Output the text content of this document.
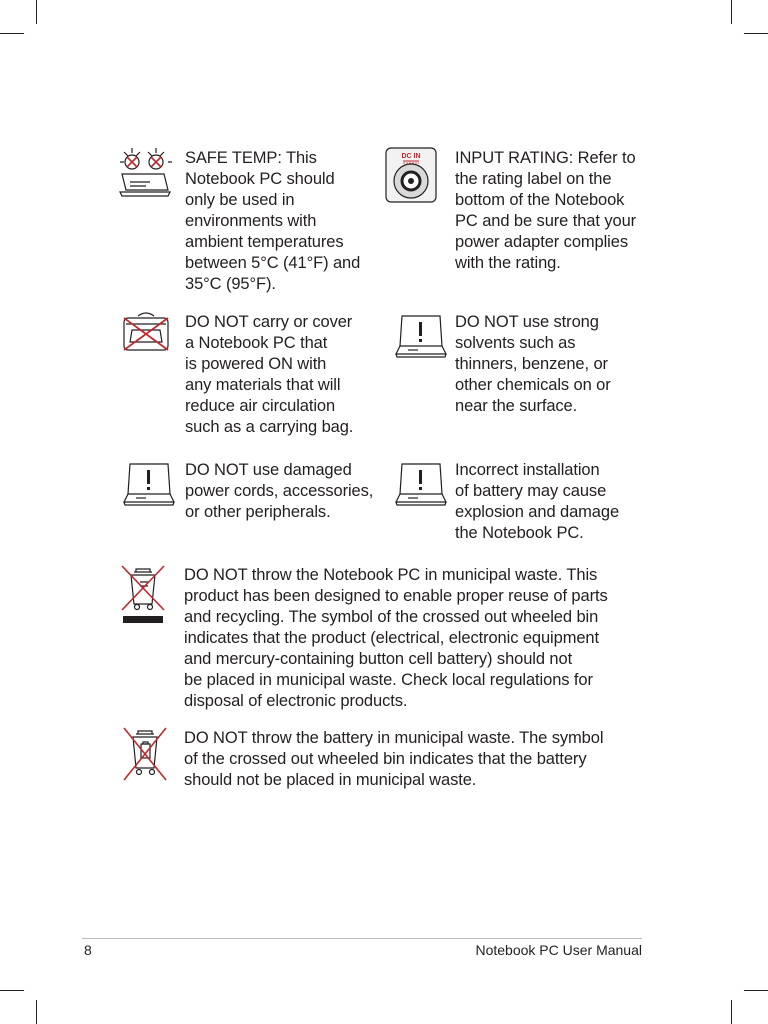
SAFE TEMP: This
Notebook PC should
only be used in
environments with
ambient temperatures
between 5°C (41°F) and
35°C (95°F).

DC IN INPUT RATING: Refer to
the rating label on the
bottom of the Notebook
PC and be sure that your
power adapter complies
with the rating.

DO NOT carry or cover
a Notebook PC that
is powered ON with
any materials that will
reduce air circulation
such as a carrying bag.

DO NOT use strong
solvents such as
thinners, benzene, or
other chemicals on or
near the surface.

DO NOT use damaged
power cords, accessories,
or other peripherals.

Incorrect installation
of battery may cause
explosion and damage
the Notebook PC.

DO NOT throw the Notebook PC in municipal waste. This
product has been designed to enable proper reuse of parts
and recycling. The symbol of the crossed out wheeled bin
indicates that the product (electrical, electronic equipment
and mercury-containing button cell battery) should not
be placed in municipal waste. Check local regulations for
disposal of electronic products.

DO NOT throw the battery in municipal waste. The symbol
of the crossed out wheeled bin indicates that the battery
should not be placed in municipal waste.

8	Notebook PC User Manual
